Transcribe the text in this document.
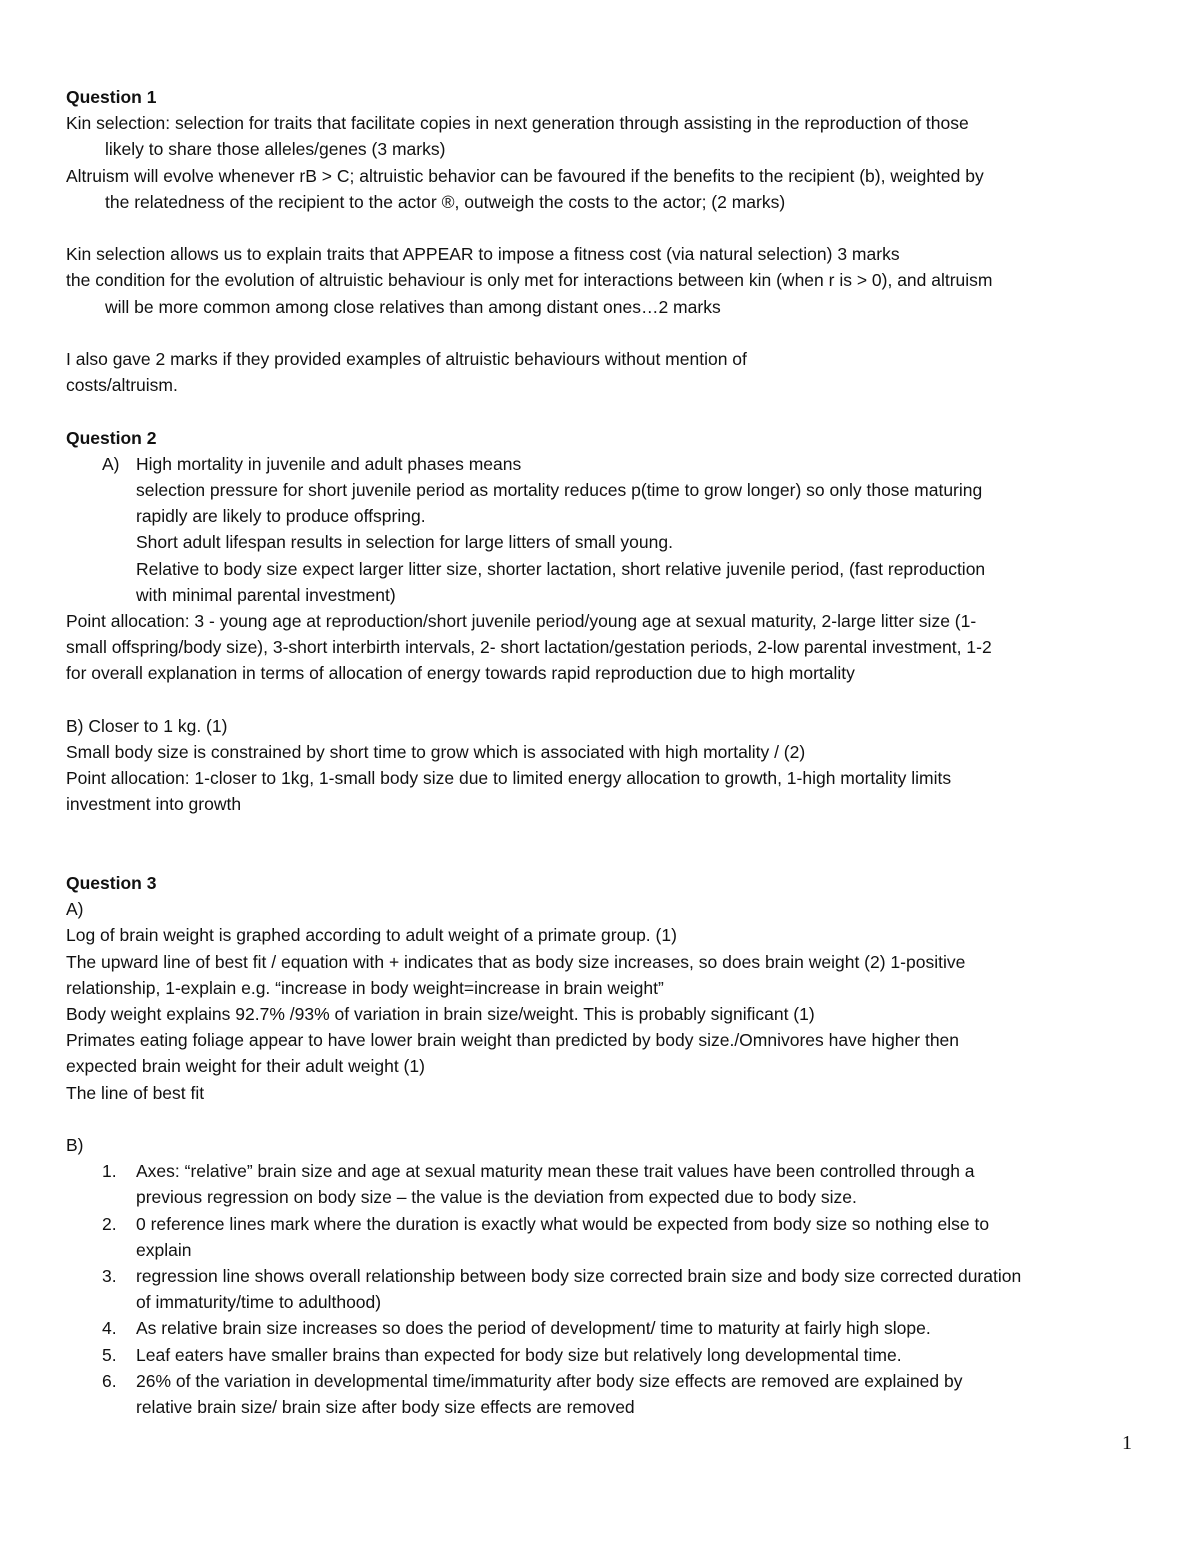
Question 1

Kin selection: selection for traits that facilitate copies in next generation through assisting in the reproduction of those

likely to share those alleles/genes (3 marks)

Altruism will evolve whenever rB > C; altruistic behavior can be favoured if the benefits to the recipient (b), weighted by

the relatedness of the recipient to the actor ®, outweigh the costs to the actor; (2 marks)

Kin selection allows us to explain traits that APPEAR to impose a fitness cost (via natural selection) 3 marks

the condition for the evolution of altruistic behaviour is only met for interactions between kin (when r is > 0), and altruism

will be more common among close relatives than among distant ones…2 marks

I also gave 2 marks if they provided examples of altruistic behaviours without mention of

costs/altruism.

Question 2

A) High mortality in juvenile and adult phases means

selection pressure for short juvenile period as mortality reduces p(time to grow longer) so only those maturing

rapidly are likely to produce offspring.

Short adult lifespan results in selection for large litters of small young.

Relative to body size expect larger litter size, shorter lactation, short relative juvenile period, (fast reproduction

with minimal parental investment)

Point allocation: 3 - young age at reproduction/short juvenile period/young age at sexual maturity, 2-large litter size (1-

small offspring/body size), 3-short interbirth intervals, 2- short lactation/gestation periods, 2-low parental investment, 1-2

for overall explanation in terms of allocation of energy towards rapid reproduction due to high mortality

B) Closer to 1 kg. (1)

Small body size is constrained by short time to grow which is associated with high mortality / (2)

Point allocation: 1-closer to 1kg, 1-small body size due to limited energy allocation to growth, 1-high mortality limits

investment into growth

Question 3

A)

Log of brain weight is graphed according to adult weight of a primate group. (1)

The upward line of best fit / equation with + indicates that as body size increases, so does brain weight (2) 1-positive

relationship, 1-explain e.g. “increase in body weight=increase in brain weight”

Body weight explains 92.7% /93% of variation in brain size/weight. This is probably significant (1)

Primates eating foliage appear to have lower brain weight than predicted by body size./Omnivores have higher then

expected brain weight for their adult weight (1)

The line of best fit

B)

1. Axes: “relative” brain size and age at sexual maturity mean these trait values have been controlled through a

previous regression on body size – the value is the deviation from expected due to body size.

2. 0 reference lines mark where the duration is exactly what would be expected from body size so nothing else to

explain

3. regression line shows overall relationship between body size corrected brain size and body size corrected duration

of immaturity/time to adulthood)

4. As relative brain size increases so does the period of development/ time to maturity at fairly high slope.

5. Leaf eaters have smaller brains than expected for body size but relatively long developmental time.

6. 26% of the variation in developmental time/immaturity after body size effects are removed are explained by

relative brain size/ brain size after body size effects are removed

1
